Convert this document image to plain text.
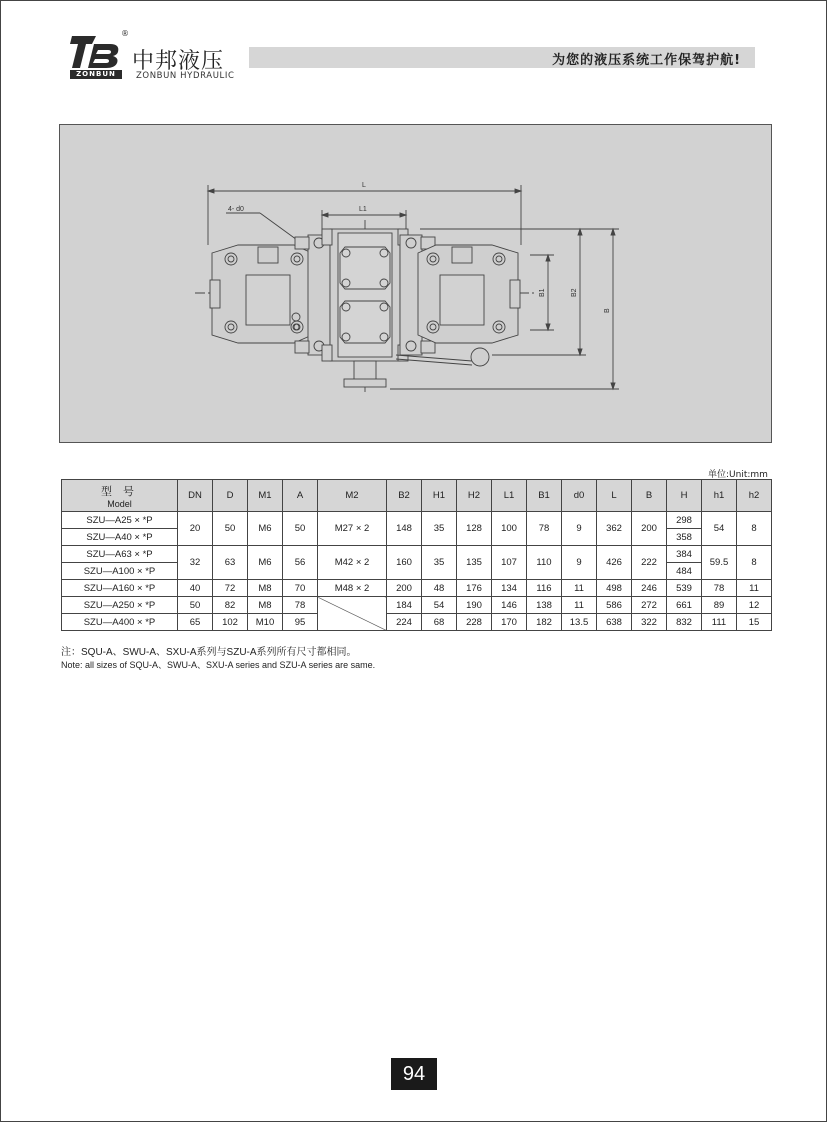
ZONBUN
®
中邦液压
ZONBUN HYDRAULIC
为您的液压系统工作保驾护航!
L
L1
4- d0
B1	B2
B
单位:Unit:mm
型 号
Model	DN	D	M1	A	M2	B2	H1	H2	L1	B1	d0	L	B	H	h1	h2
SZU—A25 × *P	20	50	M6	50	M27 × 2	148	35	128	100	78	9	362	200	298	54	8
SZU—A40 × *P														358		
SZU—A63 × *P	32	63	M6	56	M42 × 2	160	35	135	107	110	9	426	222	384	59.5	8
SZU—A100 × *P														484		
SZU—A160 × *P	40	72	M8	70	M48 × 2	200	48	176	134	116	11	498	246	539	78	11
SZU—A250 × *P	50	82	M8	78		184	54	190	146	138	11	586	272	661	89	12
SZU—A400 × *P	65	102	M10	95		224	68	228	170	182	13.5	638	322	832	111	15
注：SQU-A、SWU-A、SXU-A系列与SZU-A系列所有尺寸都相同。
Note: all sizes of SQU-A、SWU-A、SXU-A series and SZU-A series are same.
94
